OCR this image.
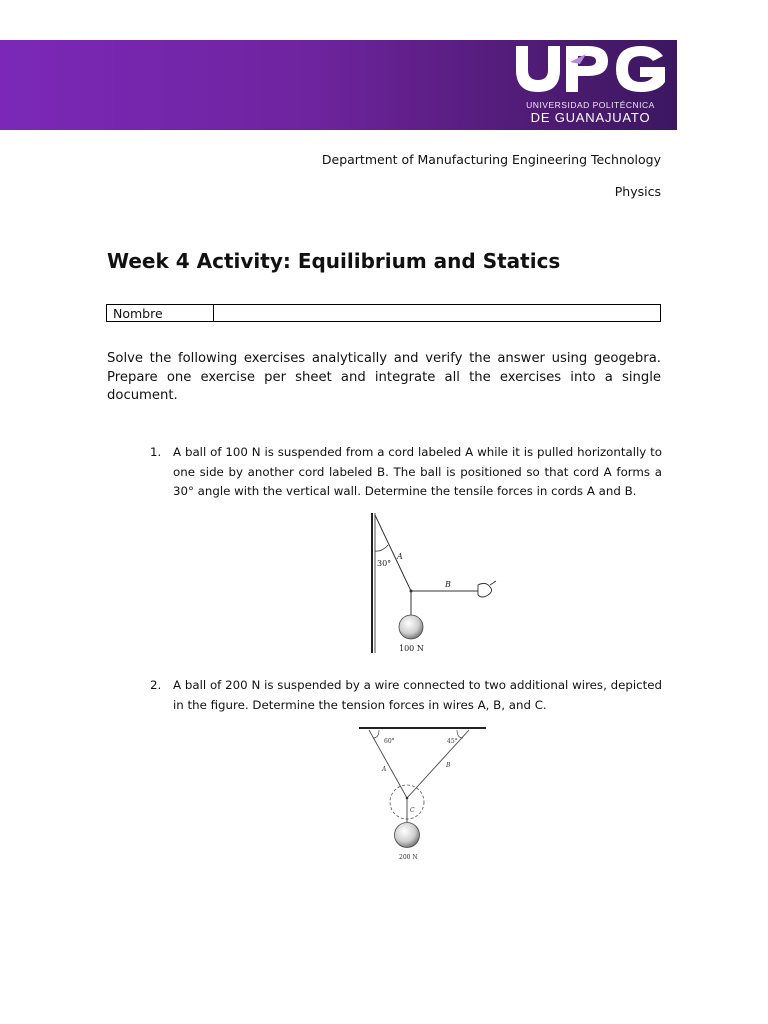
UNIVERSIDAD POLITÉCNICA
DE GUANAJUATO
Department of Manufacturing Engineering Technology
Physics
Week 4 Activity: Equilibrium and Statics
Nombre
Solve the following exercises analytically and verify the answer using geogebra. Prepare one exercise per sheet and integrate all the exercises into a single document.
1. A ball of 100 N is suspended from a cord labeled A while it is pulled horizontally to one side by another cord labeled B. The ball is positioned so that cord A forms a 30° angle with the vertical wall. Determine the tensile forces in cords A and B.
30°
A
B
100 N
2. A ball of 200 N is suspended by a wire connected to two additional wires, depicted in the figure. Determine the tension forces in wires A, B, and C.
60°	45°
A
B
C
200 N
